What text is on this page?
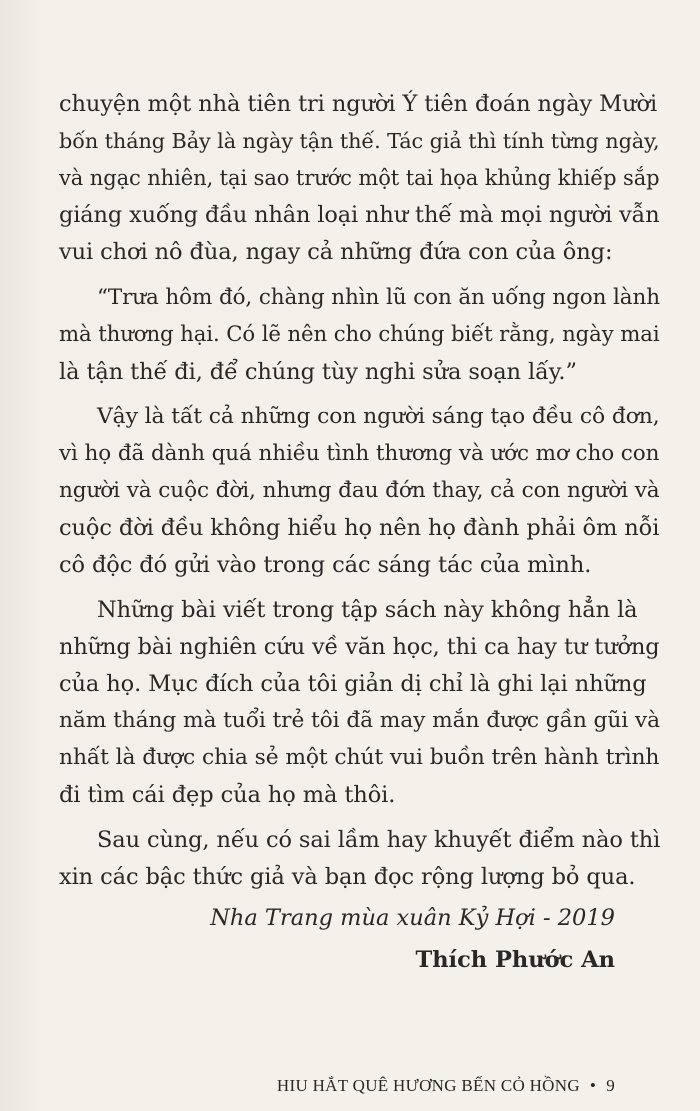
chuyện một nhà tiên tri người Ý tiên đoán ngày Mười
bốn tháng Bảy là ngày tận thế. Tác giả thì tính từng ngày,
và ngạc nhiên, tại sao trước một tai họa khủng khiếp sắp
giáng xuống đầu nhân loại như thế mà mọi người vẫn
vui chơi nô đùa, ngay cả những đứa con của ông:
“Trưa hôm đó, chàng nhìn lũ con ăn uống ngon lành
mà thương hại. Có lẽ nên cho chúng biết rằng, ngày mai
là tận thế đi, để chúng tùy nghi sửa soạn lấy.”
Vậy là tất cả những con người sáng tạo đều cô đơn,
vì họ đã dành quá nhiều tình thương và ước mơ cho con
người và cuộc đời, nhưng đau đớn thay, cả con người và
cuộc đời đều không hiểu họ nên họ đành phải ôm nỗi
cô độc đó gửi vào trong các sáng tác của mình.
Những bài viết trong tập sách này không hẳn là
những bài nghiên cứu về văn học, thi ca hay tư tưởng
của họ. Mục đích của tôi giản dị chỉ là ghi lại những
năm tháng mà tuổi trẻ tôi đã may mắn được gần gũi và
nhất là được chia sẻ một chút vui buồn trên hành trình
đi tìm cái đẹp của họ mà thôi.
Sau cùng, nếu có sai lầm hay khuyết điểm nào thì
xin các bậc thức giả và bạn đọc rộng lượng bỏ qua.
Nha Trang mùa xuân Kỷ Hợi - 2019
Thích Phước An
HIU HẮT QUÊ HƯƠNG BẾN CỎ HỒNG • 9
